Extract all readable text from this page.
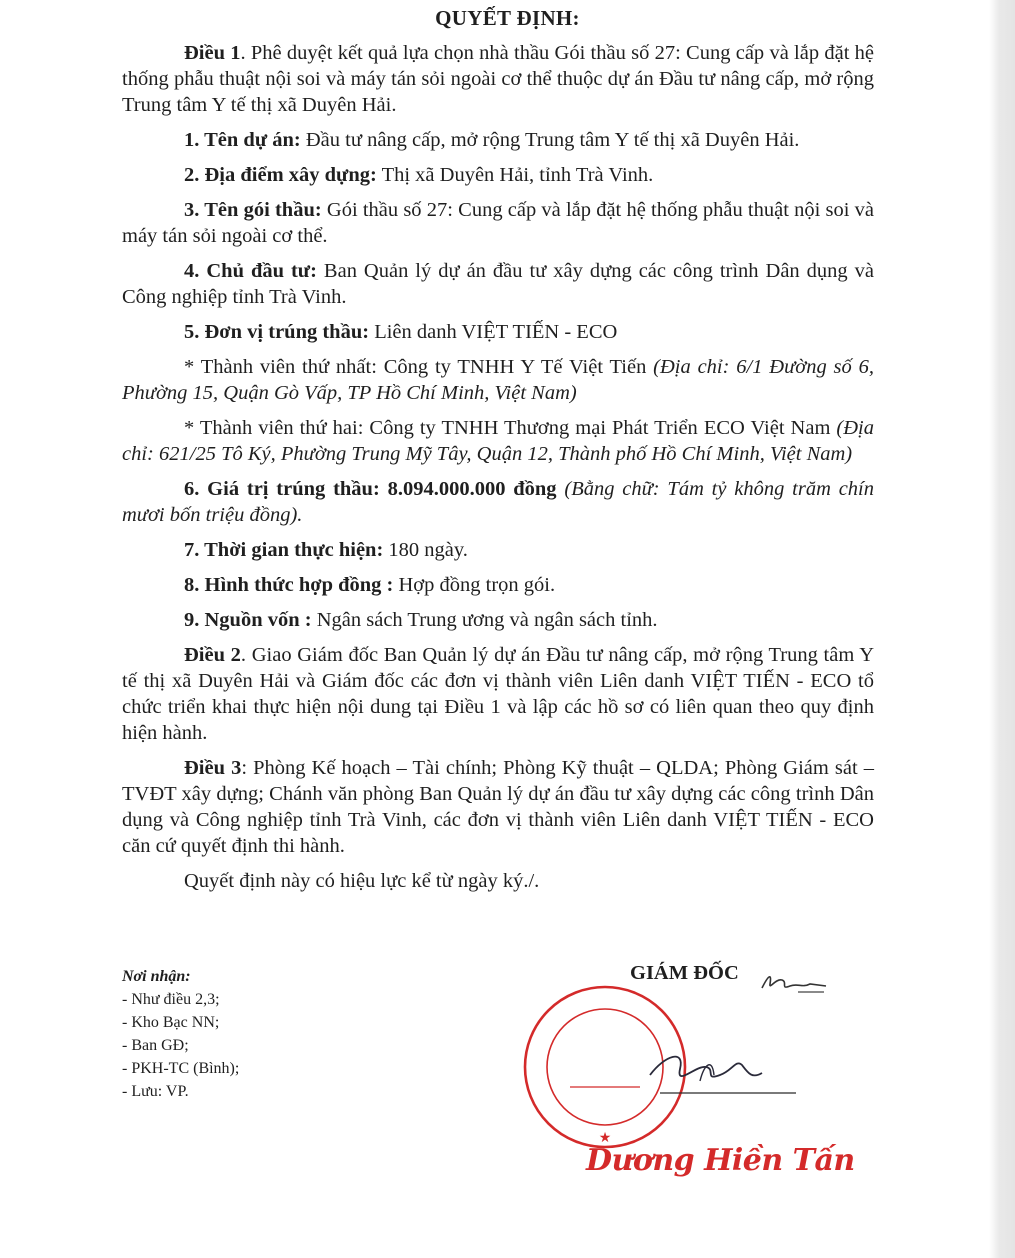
QUYẾT ĐỊNH:

Điều 1. Phê duyệt kết quả lựa chọn nhà thầu Gói thầu số 27: Cung cấp và lắp đặt hệ thống phẫu thuật nội soi và máy tán sỏi ngoài cơ thể thuộc dự án Đầu tư nâng cấp, mở rộng Trung tâm Y tế thị xã Duyên Hải.

1. Tên dự án: Đầu tư nâng cấp, mở rộng Trung tâm Y tế thị xã Duyên Hải.

2. Địa điểm xây dựng: Thị xã Duyên Hải, tỉnh Trà Vinh.

3. Tên gói thầu: Gói thầu số 27: Cung cấp và lắp đặt hệ thống phẫu thuật nội soi và máy tán sỏi ngoài cơ thể.

4. Chủ đầu tư: Ban Quản lý dự án đầu tư xây dựng các công trình Dân dụng và Công nghiệp tỉnh Trà Vinh.

5. Đơn vị trúng thầu: Liên danh VIỆT TIẾN - ECO

* Thành viên thứ nhất: Công ty TNHH Y Tế Việt Tiến (Địa chỉ: 6/1 Đường số 6, Phường 15, Quận Gò Vấp, TP Hồ Chí Minh, Việt Nam)

* Thành viên thứ hai: Công ty TNHH Thương mại Phát Triển ECO Việt Nam (Địa chỉ: 621/25 Tô Ký, Phường Trung Mỹ Tây, Quận 12, Thành phố Hồ Chí Minh, Việt Nam)

6. Giá trị trúng thầu: 8.094.000.000 đồng (Bằng chữ: Tám tỷ không trăm chín mươi bốn triệu đồng).

7. Thời gian thực hiện: 180 ngày.

8. Hình thức hợp đồng : Hợp đồng trọn gói.

9. Nguồn vốn : Ngân sách Trung ương và ngân sách tỉnh.

Điều 2. Giao Giám đốc Ban Quản lý dự án Đầu tư nâng cấp, mở rộng Trung tâm Y tế thị xã Duyên Hải và Giám đốc các đơn vị thành viên Liên danh VIỆT TIẾN - ECO tổ chức triển khai thực hiện nội dung tại Điều 1 và lập các hồ sơ có liên quan theo quy định hiện hành.

Điều 3: Phòng Kế hoạch – Tài chính; Phòng Kỹ thuật – QLDA; Phòng Giám sát – TVĐT xây dựng; Chánh văn phòng Ban Quản lý dự án đầu tư xây dựng các công trình Dân dụng và Công nghiệp tỉnh Trà Vinh, các đơn vị thành viên Liên danh VIỆT TIẾN - ECO căn cứ quyết định thi hành.

Quyết định này có hiệu lực kể từ ngày ký./.

Nơi nhận:
- Như điều 2,3;
- Kho Bạc NN;
- Ban GĐ;
- PKH-TC (Bình);
- Lưu: VP.
GIÁM ĐỐC
★
Dương Hiền Tấn
